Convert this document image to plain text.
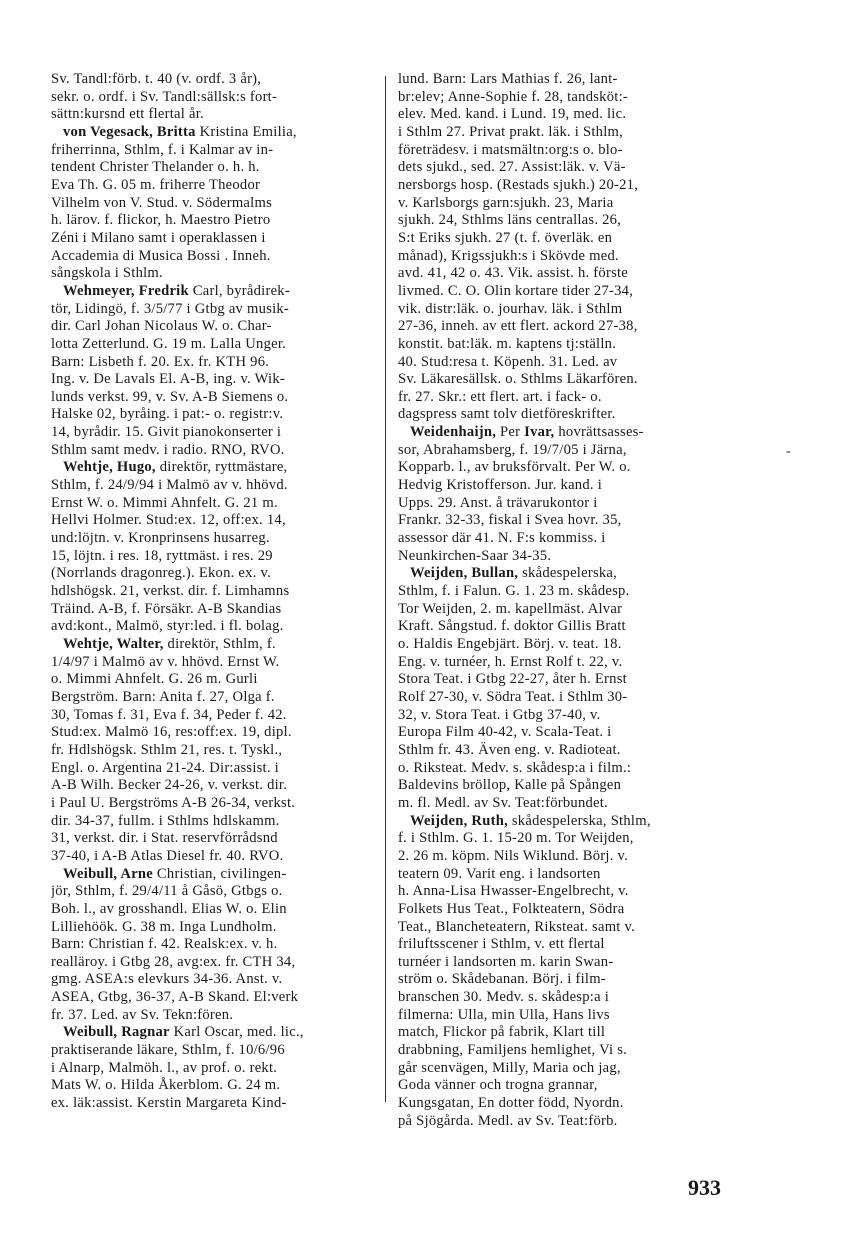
Sv. Tandl:förb. t. 40 (v. ordf. 3 år),
sekr. o. ordf. i Sv. Tandl:sällsk:s fort-
sättn:kursnd ett flertal år.
von Vegesack, Britta Kristina Emilia,
friherrinna, Sthlm, f. i Kalmar av in-
tendent Christer Thelander o. h. h.
Eva Th. G. 05 m. friherre Theodor
Vilhelm von V. Stud. v. Södermalms
h. lärov. f. flickor, h. Maestro Pietro
Zéni i Milano samt i operaklassen i
Accademia di Musica Bossi . Inneh.
sångskola i Sthlm.
Wehmeyer, Fredrik Carl, byrådirek-
tör, Lidingö, f. 3/5/77 i Gtbg av musik-
dir. Carl Johan Nicolaus W. o. Char-
lotta Zetterlund. G. 19 m. Lalla Unger.
Barn: Lisbeth f. 20. Ex. fr. KTH 96.
Ing. v. De Lavals El. A-B, ing. v. Wik-
lunds verkst. 99, v. Sv. A-B Siemens o.
Halske 02, byråing. i pat:- o. registr:v.
14, byrådir. 15. Givit pianokonserter i
Sthlm samt medv. i radio. RNO, RVO.
Wehtje, Hugo, direktör, ryttmästare,
Sthlm, f. 24/9/94 i Malmö av v. hhövd.
Ernst W. o. Mimmi Ahnfelt. G. 21 m.
Hellvi Holmer. Stud:ex. 12, off:ex. 14,
und:löjtn. v. Kronprinsens husarreg.
15, löjtn. i res. 18, ryttmäst. i res. 29
(Norrlands dragonreg.). Ekon. ex. v.
hdlshögsk. 21, verkst. dir. f. Limhamns
Träind. A-B, f. Försäkr. A-B Skandias
avd:kont., Malmö, styr:led. i fl. bolag.
Wehtje, Walter, direktör, Sthlm, f.
1/4/97 i Malmö av v. hhövd. Ernst W.
o. Mimmi Ahnfelt. G. 26 m. Gurli
Bergström. Barn: Anita f. 27, Olga f.
30, Tomas f. 31, Eva f. 34, Peder f. 42.
Stud:ex. Malmö 16, res:off:ex. 19, dipl.
fr. Hdlshögsk. Sthlm 21, res. t. Tyskl.,
Engl. o. Argentina 21-24. Dir:assist. i
A-B Wilh. Becker 24-26, v. verkst. dir.
i Paul U. Bergströms A-B 26-34, verkst.
dir. 34-37, fullm. i Sthlms hdlskamm.
31, verkst. dir. i Stat. reservförrådsnd
37-40, i A-B Atlas Diesel fr. 40. RVO.
Weibull, Arne Christian, civilingen-
jör, Sthlm, f. 29/4/11 å Gåsö, Gtbgs o.
Boh. l., av grosshandl. Elias W. o. Elin
Lilliehöök. G. 38 m. Inga Lundholm.
Barn: Christian f. 42. Realsk:ex. v. h.
realläroy. i Gtbg 28, avg:ex. fr. CTH 34,
gmg. ASEA:s elevkurs 34-36. Anst. v.
ASEA, Gtbg, 36-37, A-B Skand. El:verk
fr. 37. Led. av Sv. Tekn:fören.
Weibull, Ragnar Karl Oscar, med. lic.,
praktiserande läkare, Sthlm, f. 10/6/96
i Alnarp, Malmöh. l., av prof. o. rekt.
Mats W. o. Hilda Åkerblom. G. 24 m.
ex. läk:assist. Kerstin Margareta Kind-
lund. Barn: Lars Mathias f. 26, lant-
br:elev; Anne-Sophie f. 28, tandsköt:-
elev. Med. kand. i Lund. 19, med. lic.
i Sthlm 27. Privat prakt. läk. i Sthlm,
företrädesv. i matsmältn:org:s o. blo-
dets sjukd., sed. 27. Assist:läk. v. Vä-
nersborgs hosp. (Restads sjukh.) 20-21,
v. Karlsborgs garn:sjukh. 23, Maria
sjukh. 24, Sthlms läns centrallas. 26,
S:t Eriks sjukh. 27 (t. f. överläk. en
månad), Krigssjukh:s i Skövde med.
avd. 41, 42 o. 43. Vik. assist. h. förste
livmed. C. O. Olin kortare tider 27-34,
vik. distr:läk. o. jourhav. läk. i Sthlm
27-36, inneh. av ett flert. ackord 27-38,
konstit. bat:läk. m. kaptens tj:ställn.
40. Stud:resa t. Köpenh. 31. Led. av
Sv. Läkaresällsk. o. Sthlms Läkarfören.
fr. 27. Skr.: ett flert. art. i fack- o.
dagspress samt tolv dietföreskrifter.
Weidenhaijn, Per Ivar, hovrättsasses-
sor, Abrahamsberg, f. 19/7/05 i Järna,
Kopparb. l., av bruksförvalt. Per W. o.
Hedvig Kristofferson. Jur. kand. i
Upps. 29. Anst. å trävarukontor i
Frankr. 32-33, fiskal i Svea hovr. 35,
assessor där 41. N. F:s kommiss. i
Neunkirchen-Saar 34-35.
Weijden, Bullan, skådespelerska,
Sthlm, f. i Falun. G. 1. 23 m. skådesp.
Tor Weijden, 2. m. kapellmäst. Alvar
Kraft. Sångstud. f. doktor Gillis Bratt
o. Haldis Engebjärt. Börj. v. teat. 18.
Eng. v. turnéer, h. Ernst Rolf t. 22, v.
Stora Teat. i Gtbg 22-27, åter h. Ernst
Rolf 27-30, v. Södra Teat. i Sthlm 30-
32, v. Stora Teat. i Gtbg 37-40, v.
Europa Film 40-42, v. Scala-Teat. i
Sthlm fr. 43. Även eng. v. Radioteat.
o. Riksteat. Medv. s. skådesp:a i film.:
Baldevins bröllop, Kalle på Spången
m. fl. Medl. av Sv. Teat:förbundet.
Weijden, Ruth, skådespelerska, Sthlm,
f. i Sthlm. G. 1. 15-20 m. Tor Weijden,
2. 26 m. köpm. Nils Wiklund. Börj. v.
teatern 09. Varit eng. i landsorten
h. Anna-Lisa Hwasser-Engelbrecht, v.
Folkets Hus Teat., Folkteatern, Södra
Teat., Blancheteatern, Riksteat. samt v.
friluftsscener i Sthlm, v. ett flertal
turnéer i landsorten m. karin Swan-
ström o. Skådebanan. Börj. i film-
branschen 30. Medv. s. skådesp:a i
filmerna: Ulla, min Ulla, Hans livs
match, Flickor på fabrik, Klart till
drabbning, Familjens hemlighet, Vi s.
går scenvägen, Milly, Maria och jag,
Goda vänner och trogna grannar,
Kungsgatan, En dotter född, Nyordn.
på Sjögårda. Medl. av Sv. Teat:förb.
-
933
